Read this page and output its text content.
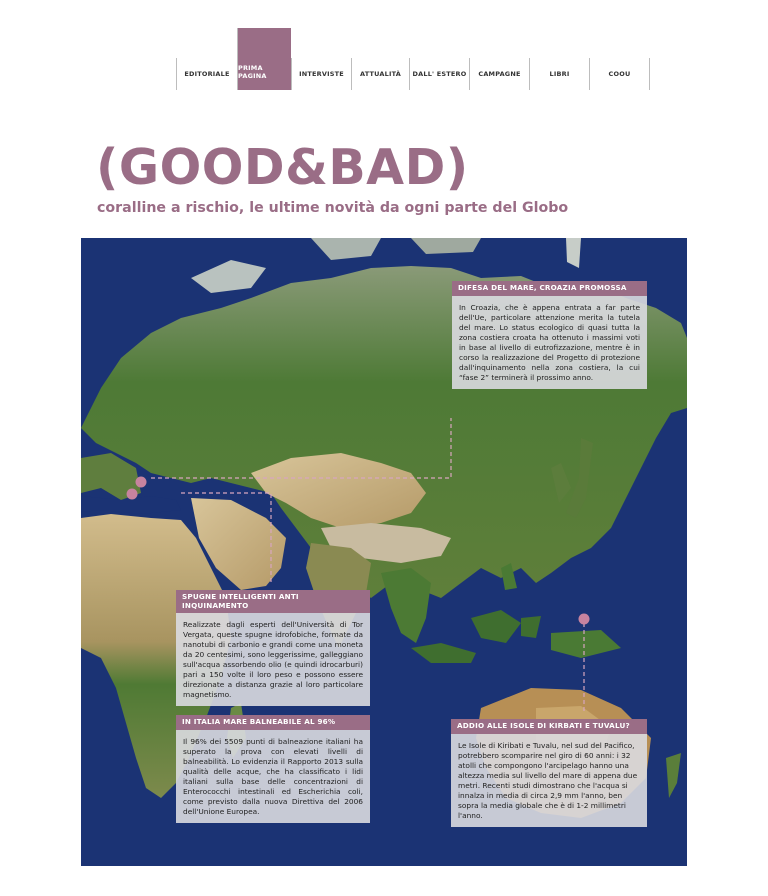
EDITORIALE
PRIMA PAGINA	INTERVISTE	ATTUALITÀ	DALL' ESTERO	CAMPAGNE	LIBRI	COOU
(GOOD&BAD)
coralline a rischio, le ultime novità da ogni parte del Globo
DIFESA DEL MARE, CROAZIA PROMOSSA
In Croazia, che è appena entrata a far parte dell'Ue, particolare attenzione merita la tutela del mare. Lo status ecologico di quasi tutta la zona costiera croata ha ottenuto i massimi voti in base al livello di eutrofizzazione, mentre è in corso la realizzazione del Progetto di protezione dall'inquinamento nella zona costiera, la cui “fase 2” terminerà il prossimo anno.
SPUGNE INTELLIGENTI ANTI INQUINAMENTO
Realizzate dagli esperti dell'Università di Tor Vergata, queste spugne idrofobiche, formate da nanotubi di carbonio e grandi come una moneta da 20 centesimi, sono leggerissime, galleggiano sull'acqua assorbendo olio (e quindi idrocarburi) pari a 150 volte il loro peso e possono essere direzionate a distanza grazie al loro particolare magnetismo.
IN ITALIA MARE BALNEABILE AL 96%
Il 96% dei 5509 punti di balneazione italiani ha superato la prova con elevati livelli di balneabilità. Lo evidenzia il Rapporto 2013 sulla qualità delle acque, che ha classificato i lidi italiani sulla base delle concentrazioni di Enterococchi intestinali ed Escherichia coli, come previsto dalla nuova Direttiva del 2006 dell'Unione Europea.
ADDIO ALLE ISOLE DI KIRBATI E TUVALU?
Le Isole di Kiribati e Tuvalu, nel sud del Pacifico, potrebbero scomparire nel giro di 60 anni: i 32 atolli che compongono l'arcipelago hanno una altezza media sul livello del mare di appena due metri. Recenti studi dimostrano che l'acqua si innalza in media di circa 2,9 mm l'anno, ben sopra la media globale che è di 1-2 millimetri l'anno.
